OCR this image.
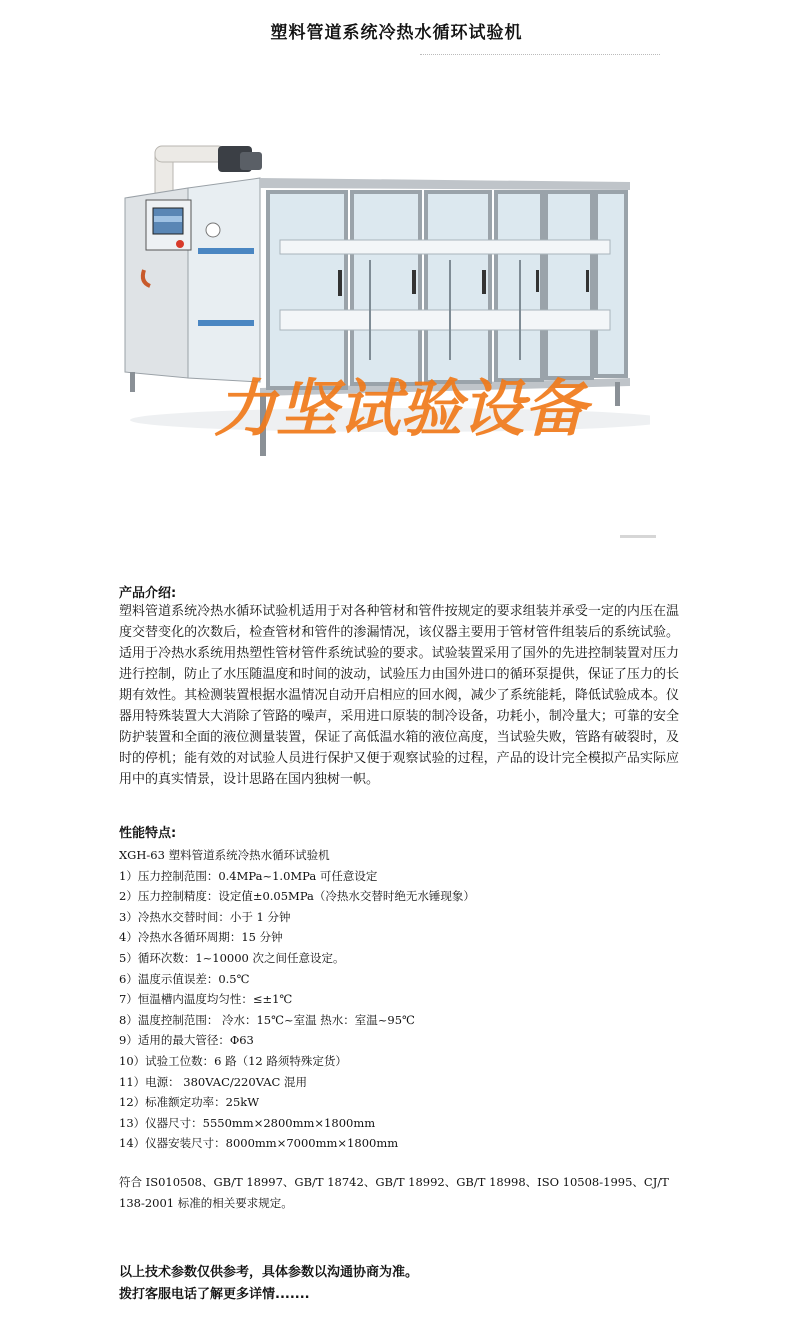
塑料管道系统冷热水循环试验机
力坚试验设备
产品介绍:
塑料管道系统冷热水循环试验机适用于对各种管材和管件按规定的要求组装并承受一定的内压在温度交替变化的次数后，检查管材和管件的渗漏情况，该仪器主要用于管材管件组装后的系统试验。适用于冷热水系统用热塑性管材管件系统试验的要求。试验装置采用了国外的先进控制装置对压力进行控制，防止了水压随温度和时间的波动，试验压力由国外进口的循环泵提供，保证了压力的长期有效性。其检测装置根据水温情况自动开启相应的回水阀，减少了系统能耗，降低试验成本。仪器用特殊装置大大消除了管路的噪声，采用进口原装的制冷设备，功耗小，制冷量大；可靠的安全防护装置和全面的液位测量装置，保证了高低温水箱的液位高度，当试验失败，管路有破裂时，及时的停机；能有效的对试验人员进行保护又便于观察试验的过程，产品的设计完全模拟产品实际应用中的真实情景，设计思路在国内独树一帜。
性能特点:
XGH-63 塑料管道系统冷热水循环试验机
1）压力控制范围：0.4MPa~1.0MPa 可任意设定
2）压力控制精度：设定值±0.05MPa（冷热水交替时绝无水锤现象）
3）冷热水交替时间：小于 1 分钟
4）冷热水各循环周期：15 分钟
5）循环次数：1~10000 次之间任意设定。
6）温度示值误差：0.5℃
7）恒温槽内温度均匀性：≤±1℃
8）温度控制范围： 冷水：15℃~室温 热水：室温~95℃
9）适用的最大管径：Φ63
10）试验工位数：6 路（12 路须特殊定货）
11）电源： 380VAC/220VAC 混用
12）标准额定功率：25kW
13）仪器尺寸：5550mm×2800mm×1800mm
14）仪器安装尺寸：8000mm×7000mm×1800mm
符合 IS010508、GB/T 18997、GB/T 18742、GB/T 18992、GB/T 18998、ISO 10508-1995、CJ/T 138-2001 标准的相关要求规定。
以上技术参数仅供参考，具体参数以沟通协商为准。
拨打客服电话了解更多详情.......
